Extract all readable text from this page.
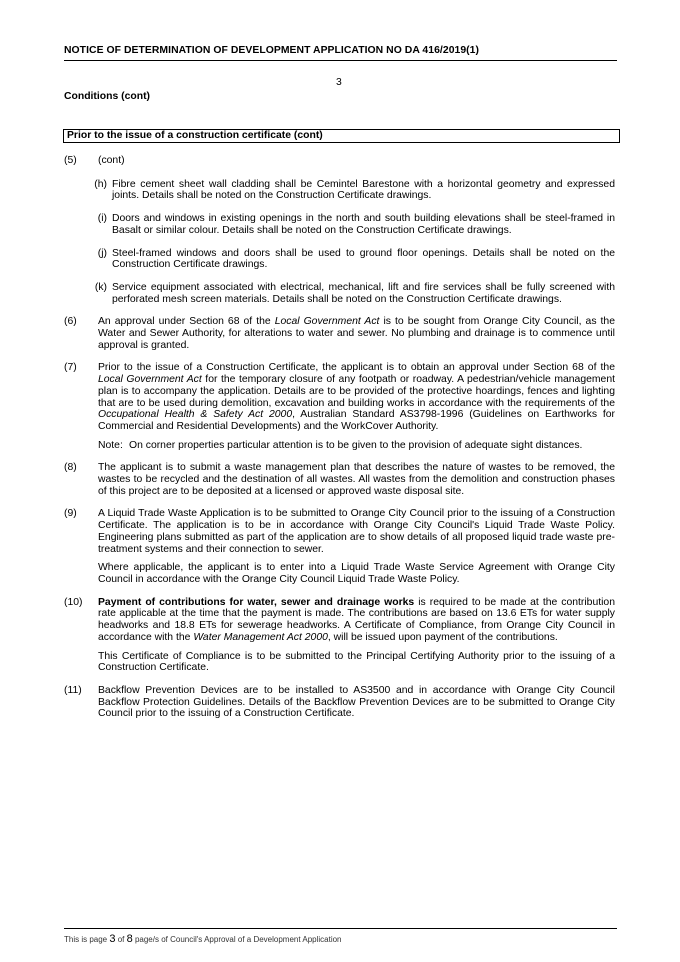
NOTICE OF DETERMINATION OF DEVELOPMENT APPLICATION NO DA 416/2019(1)
3
Conditions (cont)
Prior to the issue of a construction certificate (cont)
(5)	(cont)
(h) Fibre cement sheet wall cladding shall be Cemintel Barestone with a horizontal geometry and expressed joints. Details shall be noted on the Construction Certificate drawings.
(i) Doors and windows in existing openings in the north and south building elevations shall be steel-framed in Basalt or similar colour. Details shall be noted on the Construction Certificate drawings.
(j) Steel-framed windows and doors shall be used to ground floor openings. Details shall be noted on the Construction Certificate drawings.
(k) Service equipment associated with electrical, mechanical, lift and fire services shall be fully screened with perforated mesh screen materials. Details shall be noted on the Construction Certificate drawings.
(6)	An approval under Section 68 of the Local Government Act is to be sought from Orange City Council, as the Water and Sewer Authority, for alterations to water and sewer. No plumbing and drainage is to commence until approval is granted.
(7)	Prior to the issue of a Construction Certificate, the applicant is to obtain an approval under Section 68 of the Local Government Act for the temporary closure of any footpath or roadway. A pedestrian/vehicle management plan is to accompany the application. Details are to be provided of the protective hoardings, fences and lighting that are to be used during demolition, excavation and building works in accordance with the requirements of the Occupational Health & Safety Act 2000, Australian Standard AS3798-1996 (Guidelines on Earthworks for Commercial and Residential Developments) and the WorkCover Authority.
Note: On corner properties particular attention is to be given to the provision of adequate sight distances.
(8)	The applicant is to submit a waste management plan that describes the nature of wastes to be removed, the wastes to be recycled and the destination of all wastes. All wastes from the demolition and construction phases of this project are to be deposited at a licensed or approved waste disposal site.
(9)	A Liquid Trade Waste Application is to be submitted to Orange City Council prior to the issuing of a Construction Certificate. The application is to be in accordance with Orange City Council's Liquid Trade Waste Policy. Engineering plans submitted as part of the application are to show details of all proposed liquid trade waste pre-treatment systems and their connection to sewer.

Where applicable, the applicant is to enter into a Liquid Trade Waste Service Agreement with Orange City Council in accordance with the Orange City Council Liquid Trade Waste Policy.

(10)	Payment of contributions for water, sewer and drainage works is required to be made at the contribution rate applicable at the time that the payment is made. The contributions are based on 13.6 ETs for water supply headworks and 18.8 ETs for sewerage headworks. A Certificate of Compliance, from Orange City Council in accordance with the Water Management Act 2000, will be issued upon payment of the contributions.

This Certificate of Compliance is to be submitted to the Principal Certifying Authority prior to the issuing of a Construction Certificate.

(11)	Backflow Prevention Devices are to be installed to AS3500 and in accordance with Orange City Council Backflow Protection Guidelines. Details of the Backflow Prevention Devices are to be submitted to Orange City Council prior to the issuing of a Construction Certificate.
This is page 3 of 8 page/s of Council's Approval of a Development Application
